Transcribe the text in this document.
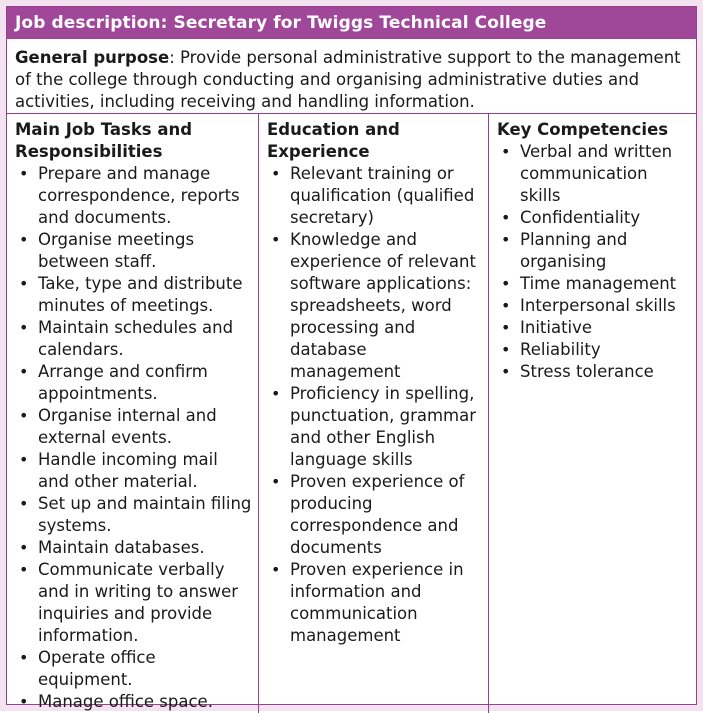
Job description: Secretary for Twiggs Technical College
General purpose: Provide personal administrative support to the management of the college through conducting and organising administrative duties and activities, including receiving and handling information.
Main Job Tasks and Responsibilities
• Prepare and manage correspondence, reports and documents.
• Organise meetings between staff.
• Take, type and distribute minutes of meetings.
• Maintain schedules and calendars.
• Arrange and confirm appointments.
• Organise internal and external events.
• Handle incoming mail and other material.
• Set up and maintain filing systems.
• Maintain databases.
• Communicate verbally and in writing to answer inquiries and provide information.
• Operate office equipment.
• Manage office space.
Education and Experience
• Relevant training or qualification (qualified secretary)
• Knowledge and experience of relevant software applications: spreadsheets, word processing and database management
• Proficiency in spelling, punctuation, grammar and other English language skills
• Proven experience of producing correspondence and documents
• Proven experience in information and communication management
Key Competencies
• Verbal and written communication skills
• Confidentiality
• Planning and organising
• Time management
• Interpersonal skills
• Initiative
• Reliability
• Stress tolerance
